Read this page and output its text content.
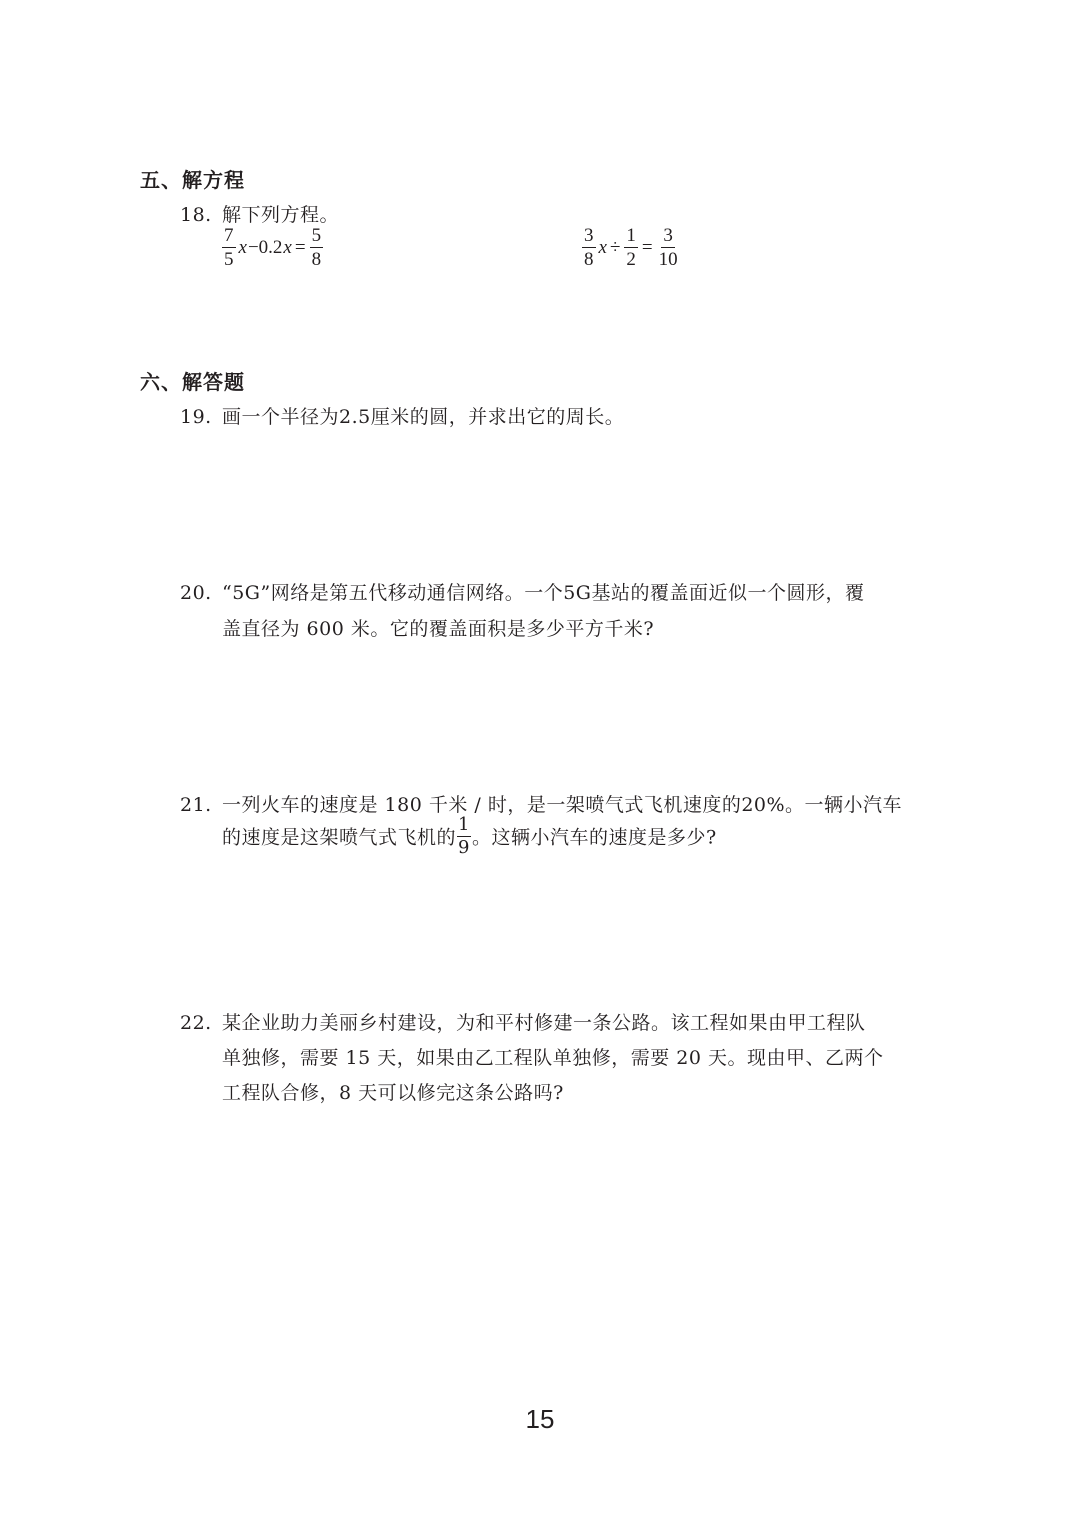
五、解方程
18. 解下列方程。
$\frac{7}{5}$ x −0.2 $x = \frac{5}{8}$	$\frac{3}{8}$ $x \div \frac{1}{2} = \frac{3}{10}$
六、解答题
19. 画一个半径为2.5厘米的圆，并求出它的周长。
20. “5G”网络是第五代移动通信网络。一个5G基站的覆盖面近似一个圆形，覆
盖直径为 600 米。它的覆盖面积是多少平方千米?
21. 一列火车的速度是 180 千米 / 时，是一架喷气式飞机速度的20%。一辆小汽车
的速度是这架喷气式飞机的 $\frac{1}{9}$ 。这辆小汽车的速度是多少?
22. 某企业助力美丽乡村建设，为和平村修建一条公路。该工程如果由甲工程队
单独修，需要 15 天，如果由乙工程队单独修，需要 20 天。现由甲、乙两个
工程队合修，8 天可以修完这条公路吗?
15
